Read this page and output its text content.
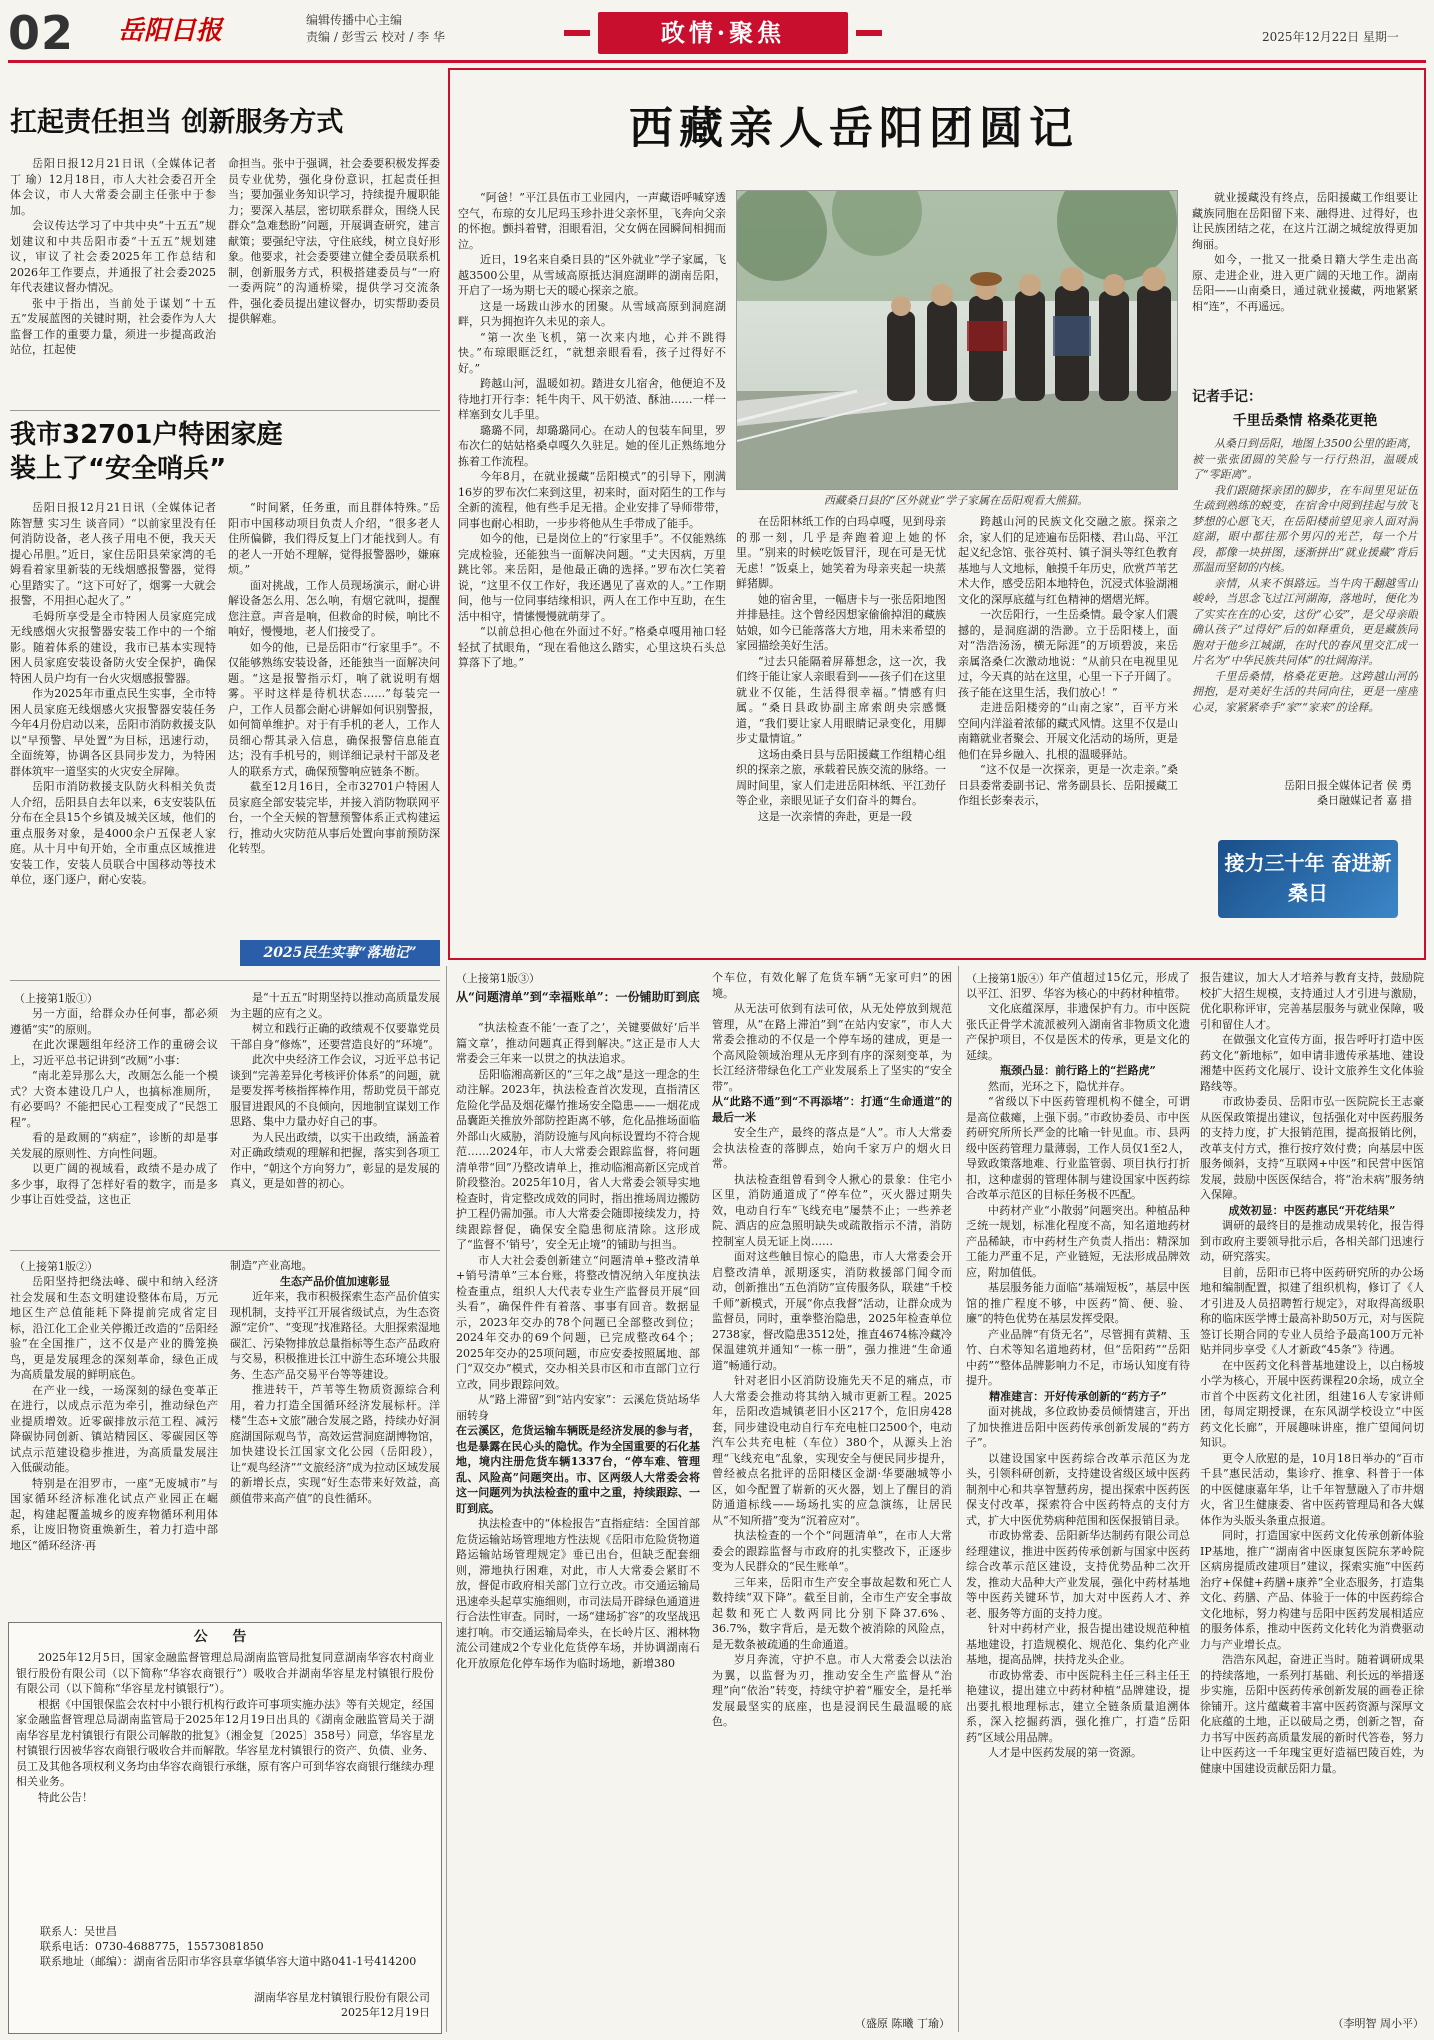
02 岳阳日报	编辑传播中心主编
责编 / 彭雪云 校对 / 李 华	政情·聚焦	2025年12月22日 星期一
扛起责任担当 创新服务方式

岳阳日报12月21日讯（全媒体记者 丁 瑜）12月18日，市人大社会委召开全体会议，市人大常委会副主任张中于参加。

会议传达学习了中共中央“十五五”规划建议和中共岳阳市委“十五五”规划建议，审议了社会委2025年工作总结和2026年工作要点，并通报了社会委2025年代表建议督办情况。

张中于指出，当前处于谋划“十五五”发展蓝图的关键时期，社会委作为人大监督工作的重要力量，须进一步提高政治站位，扛起使

命担当。张中于强调，社会委要积极发挥委员专业优势，强化身份意识，扛起责任担当；要加强业务知识学习，持续提升履职能力；要深入基层，密切联系群众，围绕人民群众“急难愁盼”问题，开展调查研究，建言献策；要强纪守法，守住底线，树立良好形象。他要求，社会委要建立健全委员联系机制，创新服务方式，积极搭建委员与“一府一委两院”的沟通桥梁，提供学习交流条件，强化委员提出建议督办，切实帮助委员提供解难。

我市32701户特困家庭
装上了“安全哨兵”

岳阳日报12月21日讯（全媒体记者 陈智慧 实习生 谈音同）“以前家里没有任何消防设备，老人孩子用电不便，我天天提心吊胆。”近日，家住岳阳县荣家湾的毛姆看着家里新装的无线烟感报警器，觉得心里踏实了。“这下可好了，烟雾一大就会报警，不用担心起火了。”

毛姆所享受是全市特困人员家庭完成无线感烟火灾报警器安装工作中的一个缩影。随着体系的建设，我市已基本实现特困人员家庭安装设备防火安全保护，确保特困人员户均有一台火灾烟感报警器。

作为2025年市重点民生实事，全市特困人员家庭无线烟感火灾报警器安装任务今年4月份启动以来，岳阳市消防救援支队以“早预警、早处置”为目标，迅速行动，全面统筹，协调各区县同步发力，为特困群体筑牢一道坚实的火灾安全屏障。

岳阳市消防救援支队防火科相关负责人介绍，岳阳县自去年以来，6支安装队伍分布在全县15个乡镇及城关区域，他们的重点服务对象，是4000余户五保老人家庭。从十月中旬开始，全市重点区域推进安装工作，安装人员联合中国移动等技术单位，逐门逐户，耐心安装。

“时间紧，任务重，而且群体特殊。”岳阳市中国移动项目负责人介绍，“很多老人住所偏僻，我们得反复上门才能找到人。有的老人一开始不理解，觉得报警器吵，嫌麻烦。”

面对挑战，工作人员现场演示，耐心讲解设备怎么用、怎么响，有烟它就叫，提醒您注意。声音是响，但救命的时候，响比不响好，慢慢地，老人们接受了。

如今的他，已是岳阳市“行家里手”。不仅能够熟练安装设备，还能独当一面解决问题。“这是报警指示灯，响了就说明有烟雾。平时这样是待机状态……”每装完一户，工作人员都会耐心讲解如何识别警报，如何简单维护。对于有手机的老人，工作人员细心帮其录入信息，确保报警信息能直达；没有手机号的，则详细记录村干部及老人的联系方式，确保预警响应链条不断。

截至12月16日，全市32701户特困人员家庭全部安装完毕，并接入消防物联网平台，一个全天候的智慧预警体系正式构建运行，推动火灾防范从事后处置向事前预防深化转型。

2025民生实事“落地记”
西藏亲人岳阳团圆记

“阿爸！”平江县伍市工业园内，一声藏语呼喊穿透空气，布琼的女儿尼玛玉珍扑进父亲怀里，飞奔向父亲的怀抱。颤抖着臂，泪眼看泪，父女俩在园瞬间相拥而泣。

近日，19名来自桑日县的“区外就业”学子家属，飞越3500公里，从雪域高原抵达洞庭湖畔的湖南岳阳，开启了一场为期七天的暖心探亲之旅。

这是一场跋山涉水的团聚。从雪域高原到洞庭湖畔，只为拥抱许久未见的亲人。

“第一次坐飞机，第一次来内地，心并不跳得快。”布琼眼眶泛红，“就想亲眼看看，孩子过得好不好。”

跨越山河，温暖如初。踏进女儿宿舍，他便迫不及待地打开行李：牦牛肉干、风干奶渣、酥油……一样一样塞到女儿手里。

璐璐不同，却璐璐同心。在动人的包装车间里，罗布次仁的姑姑格桑卓嘎久久驻足。她的侄儿正熟练地分拣着工作流程。

今年8月，在就业援藏“岳阳模式”的引导下，刚满16岁的罗布次仁来到这里，初来时，面对陌生的工作与全新的流程，他有些手足无措。企业安排了导师带带，同事也耐心相助，一步步将他从生手带成了能手。

如今的他，已是岗位上的“行家里手”。不仅能熟练完成检验，还能独当一面解决问题。“丈夫因病，万里跳比邻。来岳阳，是他最正确的选择。”罗布次仁笑着说，“这里不仅工作好，我还遇见了喜欢的人。”工作期间，他与一位同事结缘相识，两人在工作中互助，在生活中相守，情愫慢慢就萌芽了。

“以前总担心他在外面过不好。”格桑卓嘎用袖口轻轻拭了拭眼角，“现在看他这么踏实，心里这块石头总算落下了地。”

西藏桑日县的“区外就业”学子家属在岳阳观看大熊猫。

在岳阳林纸工作的白玛卓嘎，见到母亲的那一刻，几乎是奔跑着迎上她的怀里。“别来的时候吃饭冒汗，现在可是无忧无虑！”饭桌上，她笑着为母亲夹起一块蒸鲜猪脚。

她的宿舍里，一幅唐卡与一张岳阳地图并排悬挂。这个曾经因想家偷偷掉泪的藏族姑娘，如今已能落落大方地，用未来希望的家园描绘美好生活。

“过去只能隔着屏幕想念，这一次，我们终于能让家人亲眼看到——孩子们在这里就业不仅能，生活得很幸福。”情感有归属。“桑日县政协副主席索朗央宗感慨道，“我们要让家人用眼睛记录变化，用脚步丈量情谊。”

这场由桑日县与岳阳援藏工作组精心组织的探亲之旅，承载着民族交流的脉络。一周时间里，家人们走进岳阳林纸、平江劲仔等企业，亲眼见证子女们奋斗的舞台。

这是一次亲情的奔赴，更是一段

跨越山河的民族文化交融之旅。探亲之余，家人们的足迹遍布岳阳楼、君山岛、平江起义纪念馆、张谷英村、镇子洞头等红色教育基地与人文地标，触摸千年历史，欣赏芦苇艺术大作，感受岳阳本地特色，沉浸式体验湖湘文化的深厚底蕴与红色精神的熠熠光辉。

一次岳阳行，一生岳桑情。最令家人们震撼的，是洞庭湖的浩渺。立于岳阳楼上，面对“浩浩汤汤，横无际涯”的万顷碧波，来岳亲属洛桑仁次激动地说：“从前只在电视里见过，今天真的站在这里，心里一下子开阔了。孩子能在这里生活，我们放心！”

走进岳阳楼旁的“山南之家”，百平方米空间内洋溢着浓郁的藏式风情。这里不仅是山南籍就业者聚会、开展文化活动的场所，更是他们在异乡融入、扎根的温暖驿站。

“这不仅是一次探亲，更是一次走亲。”桑日县委常委副书记、常务副县长、岳阳援藏工作组长彭秦表示，

就业援藏没有终点，岳阳援藏工作组要让藏族同胞在岳阳留下来、融得进、过得好，也让民族团结之花，在这片江湖之城绽放得更加绚丽。

如今，一批又一批桑日籍大学生走出高原、走进企业，进入更广阔的天地工作。湖南岳阳——山南桑日，通过就业援藏，两地紧紧相“连”，不再遥远。

记者手记：
千里岳桑情 格桑花更艳

从桑日到岳阳，地图上3500公里的距离，被一张张团圆的笑脸与一行行热泪，温暖成了“零距离”。

我们跟随探亲团的脚步，在车间里见证伍生疏到熟练的蜕变，在宿舍中阅到挂起与放飞梦想的心愿飞天，在岳阳楼前望见亲人面对洞庭湖，眼中都往那个男闪的光芒，每一个片段，都像一块拼图，逐渐拼出“就业援藏”背后那温而坚韧的内核。

亲情，从来不惧路远。当牛肉干翻越雪山峻岭，当思念飞过江河湖海，落地时，便化为了实实在在的心安，这份“心安”，是父母亲眼确认孩子“过得好”后的如释重负，更是藏族同胞对于他乡江城湖，在时代的春风里交汇成一片名为“中华民族共同体”的壮阔海洋。

千里岳桑情，格桑花更艳。这跨越山河的拥抱，是对美好生活的共同向往，更是一座座心灵，家紧紧牵手“家”“家来”的诠释。

岳阳日报全媒体记者 侯 勇
桑日融媒记者 嘉 措
接力三十年 奋进新桑日
（上接第1版①）

另一方面，给群众办任何事，都必须遵循“实”的原则。

在此次课题组年经济工作的重磅会议上，习近平总书记讲到“改厕”小事：

“南北差异那么大，改厕怎么能一个模式？大资本建设几户人，也搞标准厕所，有必要吗？不能把民心工程变成了“民怨工程”。

看的是政厕的“病症”，诊断的却是事关发展的原则性、方向性问题。

以更广阔的视域看，政绩不是办成了多少事，取得了怎样好看的数字，而是多少事让百姓受益，这也正

是“十五五”时期坚持以推动高质量发展为主题的应有之义。

树立和践行正确的政绩观不仅要靠党员干部自身“修炼”，还要营造良好的“环境”。

此次中央经济工作会议，习近平总书记谈到“完善差异化考核评价体系”的问题，就是要发挥考核指挥棒作用，帮助党员干部克服冒进跟风的不良倾向，因地制宜谋划工作思路、集中力量办好自己的事。

为人民出政绩，以实干出政绩，涵盖着对正确政绩观的理解和把握，落实到各项工作中，“朝这个方向努力”，彰显的是发展的真义，更是如普的初心。

（上接第1版②）

岳阳坚持把绕法峰、碳中和纳入经济社会发展和生态文明建设整体布局，万元地区生产总值能耗下降提前完成省定目标，沿江化工企业关停搬迁改造的“岳阳经验”在全国推广，这不仅是产业的腾笼换鸟，更是发展理念的深刻革命，绿色正成为高质量发展的鲜明底色。

在产业一线，一场深刻的绿色变革正在进行，以成点示范为牵引，推动绿色产业提质增效。近零碳排放示范工程、减污降碳协同创新、镇站精园区、零碳园区等试点示范建设稳步推进，为高质量发展注入低碳动能。

特别是在泪罗市，一座“无废城市”与国家循环经济标准化试点产业园正在崛起，构建起覆盖城乡的废弃物循环利用体系，让废旧物资重焕新生，着力打造中部地区“循环经济·再

制造”产业高地。

生态产品价值加速彰显

近年来，我市积极探索生态产品价值实现机制，支持平江开展省级试点，为生态资源“定价”、“变现”找准路径。大胆探索湿地碳汇、污染物排放总量指标等生态产品政府与交易，积极推进长江中游生态环境公共服务、生态产品交易平台等等建设。

推进转干，芦苇等生物质资源综合利用，着力打造全国循环经济发展标杆。洋楼“生态+文旅”融合发展之路，持续办好洞庭湖国际观鸟节，高效运营洞庭湖博物馆，加快建设长江国家文化公园（岳阳段），让“观鸟经济”“文旅经济”成为拉动区域发展的新增长点，实现“好生态带来好效益，高颜值带来高产值”的良性循环。

公 告

2025年12月5日，国家金融监督管理总局湖南监管局批复同意湖南华容农村商业银行股份有限公司（以下简称“华容农商银行”）吸收合并湖南华容星龙村镇银行股份有限公司（以下简称“华容星龙村镇银行”）。

根据《中国银保监会农村中小银行机构行政许可事项实施办法》等有关规定，经国家金融监督管理总局湖南监管局于2025年12月19日出具的《湖南金融监管局关于湖南华容星龙村镇银行有限公司解散的批复》（湘金复〔2025〕358号）同意，华容星龙村镇银行因被华容农商银行吸收合并而解散。华容星龙村镇银行的资产、负债、业务、员工及其他各项权利义务均由华容农商银行承继，原有客户可到华容农商银行继续办理相关业务。

特此公告！

联系人：吴世昌
联系电话：0730-4688775，15573081850
联系地址（邮编）：湖南省岳阳市华容县章华镇华容大道中路041-1号414200
湖南华容星龙村镇银行股份有限公司
2025年12月19日
（上接第1版③）
从“问题清单”到“幸福账单”：一份铺助盯到底

“执法检查不能‘一查了之’，关键要做好‘后半篇文章’，推动问题真正得到解决。”这正是市人大常委会三年来一以贯之的执法追求。

岳阳临湘高新区的“三年之战”是这一理念的生动注解。2023年，执法检查首次发现，直指清区危险化学品及烟花爆竹推场安全隐患——一烟花成品囊距关推放外部防控距离不够，危化品推场面临外部山火威胁，消防设施与风向标设置均不符合规范……2024年，市人大常委会跟踪监督，将问题清单带“回”乃整改请单上，推动临湘高新区完成首阶段整治。2025年10月，省人大常委会领导实地检查时，肯定整改成效的同时，指出推场周边搬防护工程仍需加强。市人大常委会随即接续发力，持续跟踪督促，确保安全隐患彻底清除。这形成了“监督不‘销号’，安全无止境”的铺助与担当。

市人大社会委创新建立“问题清单+整改清单+销号清单”三本台账，将整改情况纳入年度执法检查重点，组织人大代表专业生产监督员开展“回头看”，确保件件有着落、事事有回音。数据显示，2023年交办的78个问题已全部整改到位；2024年交办的69个问题，已完成整改64个；2025年交办的25项问题，市应安委按照属地、部门“双交办”模式，交办相关县市区和市直部门立行立改，同步跟踪问效。

从“路上滞留”到“站内安家”：云溪危货站场华丽转身

在云溪区，危货运输车辆既是经济发展的参与者，也是暴露在民心头的隐忧。作为全国重要的石化基地，境内注册危货车辆1337台，“停车难、管理乱、风险高”问题突出。市、区两级人大常委会将这一问题列为执法检查的重中之重，持续跟踪、一盯到底。

执法检查中的“体检报告”直指症结：全国首部危货运输站场管理地方性法规《岳阳市危险货物道路运输站场管理规定》垂已出台，但缺乏配套细则，滞地执行困难，对此，市人大常委会紧盯不放，督促市政府相关部门立行立改。市交通运输局迅速牵头起草实施细则，市司法局开辟绿色通道进行合法性审查。同时，一场“建场扩容”的攻坚战迅速打响。市交通运输局牵头，在长岭片区、湘林物流公司建成2个专业化危货停车场，并协调湖南石化开放原危化停车场作为临时场地，新增380

个车位，有效化解了危货车辆“无家可归”的困境。

从无法可依到有法可依，从无处停放到规范管理，从“在路上滞泊”到“在站内安家”，市人大常委会推动的不仅是一个停车场的建成，更是一个高风险领域治理从无序到有序的深刻变革，为长江经济带绿色化工产业发展系上了坚实的“安全带”。

从“此路不通”到“不再添堵”：打通“生命通道”的最后一米

安全生产，最终的落点是“人”。市人大常委会执法检查的落脚点，始向千家万户的烟火日常。

执法检查组曾看到令人揪心的景象：住宅小区里，消防通道成了“停车位”，灭火器过期失效，电动自行车“飞线充电”屡禁不止；一些养老院、酒店的应急照明缺失或疏散指示不清，消防控制室人员无证上岗……

面对这些触目惊心的隐患，市人大常委会开启整改清单，派期逐实，消防救援部门闻令而动，创新推出“五色消防”宣传服务队，联建“千校千师”新模式，开展“你点我督”活动，让群众成为监督员，同时，重拳整治隐患，2025年检查单位2738家，督改隐患3512处，推直4674栋冷藏冷保温建筑并通知“一栋一册”，强力推进“生命通道”畅通行动。

针对老旧小区消防设施先天不足的痛点，市人大常委会推动将其纳入城市更新工程。2025年，岳阳改造城镇老旧小区217个，危旧房428套，同步建设电动自行车充电桩口2500个，电动汽车公共充电桩（车位）380个，从源头上治理“飞线充电”乱象，实现安全与便民同步提升，曾经被点名批评的岳阳楼区金湖·华要融城等小区，如今配置了崭新的灭火器，划上了醒目的消防通道标线——场场扎实的应急演练，让居民从“不知所措”变为“沉着应对”。

执法检查的一个个“问题清单”，在市人大常委会的跟踪监督与市政府的扎实整改下，正逐步变为人民群众的“民生账单”。

三年来，岳阳市生产安全事故起数和死亡人数持续“双下降”。截至目前，全市生产安全事故起数和死亡人数两同比分别下降37.6%、36.7%，数字背后，是无数个被消除的风险点，是无数条被疏通的生命通道。

岁月奔流，守护不息。市人大常委会以法治为翼，以监督为刃，推动安全生产监督从“治理”向“依治”转变，持续守护着“雁安全，是托举发展最坚实的底座，也是浸润民生最温暖的底色。

（盛原 陈曦 丁瑜）
（上接第1版④）

年产值超过15亿元，形成了以平江、汨罗、华容为核心的中药材种植带。

文化底蕴深厚，非遗保护有力。市中医院张氏正骨学术流派被列入湖南省非物质文化遗产保护项目，不仅是医术的传承，更是文化的延续。

瓶颈凸显：前行路上的“拦路虎”

然而，光环之下，隐忧并存。

“省级以下中医药管理机构不健全，可谓是高位截瘫，上强下弱。”市政协委员、市中医药研究所所长严金的比喻一针见血。市、县两级中医药管理力量薄弱，工作人员仅1至2人，导致政策落地难、行业监管弱、项目执行打折扣，这种虚弱的管理体制与建设国家中医药综合改革示范区的目标任务极不匹配。

中药材产业“小散弱”问题突出。种植品种乏统一规划，标准化程度不高，知名道地药材产品稀缺，市中药材生产负责人指出：精深加工能力严重不足，产业链短，无法形成品牌效应，附加值低。

基层服务能力面临“基端短板”，基层中医馆的推广程度不够，中医药“简、便、验、廉”的特色优势在基层发挥受限。

产业品牌“有货无名”，尽管拥有黄精、玉竹、白术等知名道地药材，但“岳阳药”“岳阳中药”“整体品牌影响力不足，市场认知度有待提升。

精准建言：开好传承创新的“药方子”

面对挑战，多位政协委员倾情建言，开出了加快推进岳阳中医药传承创新发展的“药方子”。

以建设国家中医药综合改革示范区为龙头，引领科研创新，支持建设省级区域中医药制剂中心和共享智慧药房，提出探索中医药医保支付改革，探索符合中医药特点的支付方式，扩大中医优势病种范围和医保报销目录。

市政协常委、岳阳新华达制药有限公司总经理建议，推进中医药传承创新与国家中医药综合改革示范区建设，支持优势品种二次开发，推动大品种大产业发展，强化中药材基地等中医药关键环节，加大对中医药人才、养老、服务等方面的支持力度。

针对中药材产业，报告提出建设规范种植基地建设，打造规模化、规范化、集约化产业基地，提高品牌，扶持龙头企业。

市政协常委、市中医院科主任三科主任王艳建议，提出建立中药材种植“品牌建设，提出要扎根地理标志，建立全链条质量追溯体系，深入挖掘药酒，强化推广，打造“岳阳药”区域公用品牌。

人才是中医药发展的第一资源。

报告建议，加大人才培养与教育支持，鼓励院校扩大招生规模，支持通过人才引进与激励，优化职称评审，完善基层服务与就业保障，吸引和留住人才。

在做强文化宣传方面，报告呼吁打造中医药文化“新地标”，如申请非遗传承基地、建设湘楚中医药文化展厅、设计文旅养生文化体验路线等。

市政协委员、岳阳市弘一医院院长王志豪从医保政策提出建议，包括强化对中医药服务的支持力度，扩大报销范围，提高报销比例，改革支付方式，推行按疗效付费；向基层中医服务倾斜，支持“互联网+中医”和民营中医馆发展，鼓励中医医保结合，将“治未病”服务纳入保障。

成效初显：中医药惠民“开花结果”

调研的最终目的是推动成果转化，报告得到市政府主要领导批示后，各相关部门迅速行动，研究落实。

目前，岳阳市已将中医药研究所的办公场地和编制配置，拟建了组织机构，修订了《人才引进及人员招聘暂行规定》，对取得高级职称的临床医学博士最高补助50万元，对与医院签订长期合同的专业人员给予最高100万元补贴并同步享受《人才新政“45条”》待遇。

在中医药文化科普基地建设上，以白杨坡小学为核心，开展中医药课程20余场，成立全市首个中医药文化社团，组建16人专家讲师团，每周定期授课，在东风湖学校设立“中医药文化长廊”，开展趣味讲座，推广望闻问切知识。

更令人欣慰的是，10月18日举办的“百市千县”惠民活动，集诊疗、推拿、科普于一体的中医健康嘉年华，让千年智慧融入了市井烟火，省卫生健康委、省中医药管理局和各大媒体作为头版头条重点报道。

同时，打造国家中医药文化传承创新体验IP基地，推广“湖南省中医康复医院东茅岭院区病房提质改建项目”建议，探索实施“中医药治疗+保健+药膳+康养”全业态服务，打造集文化、药膳、产品、体验于一体的中医药综合文化地标，努力构建与岳阳中医药发展相适应的服务体系，推动中医药文化转化为消费驱动力与产业增长点。

浩浩东风起，奋进正当时。随着调研成果的持续落地，一系列打基础、利长远的举措逐步实施，岳阳中医药传承创新发展的画卷正徐徐铺开。这片蕴藏着丰富中医药资源与深厚文化底蕴的土地，正以破局之勇，创新之智，奋力书写中医药高质量发展的新时代答卷，努力让中医药这一千年瑰宝更好造福巴陵百姓，为健康中国建设贡献岳阳力量。

（李明智 周小平）
